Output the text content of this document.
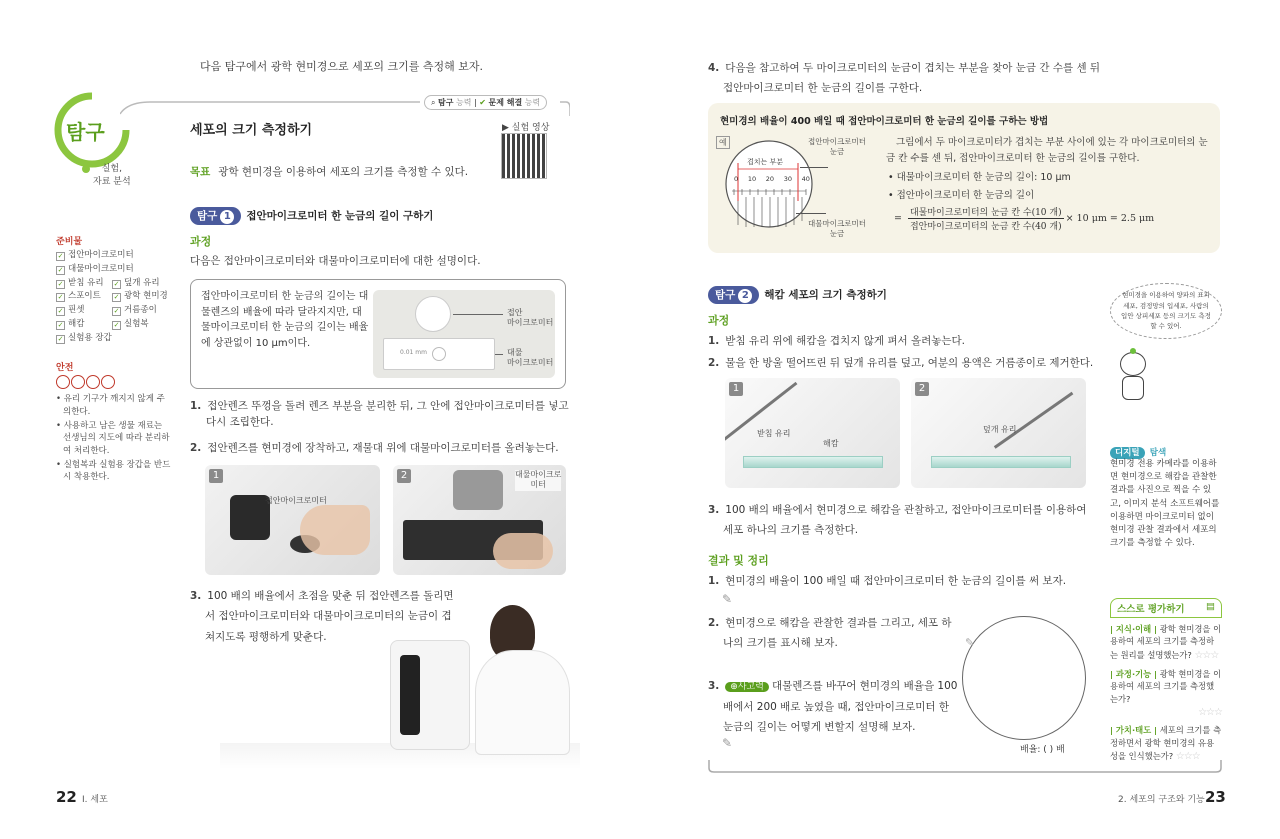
다음 탐구에서 광학 현미경으로 세포의 크기를 측정해 보자.
탐구
실험,
자료 분석
⌕ 탐구 능력 | ✔ 문제 해결 능력
세포의 크기 측정하기	▶ 실험 영상
목표 광학 현미경을 이용하여 세포의 크기를 측정할 수 있다.
탐구 1 접안마이크로미터 한 눈금의 길이 구하기
과정
다음은 접안마이크로미터와 대물마이크로미터에 대한 설명이다.
접안마이크로미터 한 눈금의 길이는 대물렌즈의 배율에 따라 달라지지만, 대물마이크로미터 한 눈금의 길이는 배율에 상관없이 10 μm이다.
0.01 mm
접안
마이크로미터
대물
마이크로미터
1. 접안렌즈 뚜껑을 돌려 렌즈 부분을 분리한 뒤, 그 안에 접안마이크로미터를 넣고 다시 조립한다.
2. 접안렌즈를 현미경에 장착하고, 재물대 위에 대물마이크로미터를 올려놓는다.
1
접안마이크로미터
2	대물마이크로
미터
3. 100 배의 배율에서 초점을 맞춘 뒤 접안렌즈를 돌리면서 접안마이크로미터와 대물마이크로미터의 눈금이 겹쳐지도록 평행하게 맞춘다.
준비물
✓ 접안마이크로미터
✓ 대물마이크로미터
✓ 받침 유리	✓ 덮개 유리
✓ 스포이트	✓ 광학 현미경
✓ 핀셋	✓ 거름종이
✓ 해캄	✓ 실험복
✓ 실험용 장갑
안전
• 유리 기구가 깨지지 않게 주의한다.
• 사용하고 남은 생물 재료는 선생님의 지도에 따라 분리하여 처리한다.
• 실험복과 실험용 장갑을 반드시 착용한다.
22 I. 세포
4. 다음을 참고하여 두 마이크로미터의 눈금이 겹치는 부분을 찾아 눈금 간 수를 센 뒤 접안마이크로미터 한 눈금의 길이를 구한다.
현미경의 배율이 400 배일 때 접안마이크로미터 한 눈금의 길이를 구하는 방법
예
겹치는 부분
0 10 20 30 40
접안마이크로미터
눈금
대물마이크로미터
눈금
그림에서 두 마이크로미터가 겹치는 부분 사이에 있는 각 마이크로미터의 눈금 칸 수를 센 뒤, 접안마이크로미터 한 눈금의 길이를 구한다.
• 대물마이크로미터 한 눈금의 길이: 10 μm
• 접안마이크로미터 한 눈금의 길이
= 대물마이크로미터의 눈금 칸 수(10 개)
접안마이크로미터의 눈금 칸 수(40 개)
× 10 μm = 2.5 μm
탐구 2 해캄 세포의 크기 측정하기
과정
1. 받침 유리 위에 해캄을 겹치지 않게 펴서 올려놓는다.
2. 물을 한 방울 떨어뜨린 뒤 덮개 유리를 덮고, 여분의 용액은 거름종이로 제거한다.
1
받침 유리
해캄
2
덮개 유리
3. 100 배의 배율에서 현미경으로 해캄을 관찰하고, 접안마이크로미터를 이용하여 세포 하나의 크기를 측정한다.
결과 및 정리
1. 현미경의 배율이 100 배일 때 접안마이크로미터 한 눈금의 길이를 써 보자.
✎
2. 현미경으로 해캄을 관찰한 결과를 그리고, 세포 하나의 크기를 표시해 보자.
3. ⊕사고력 대물렌즈를 바꾸어 현미경의 배율을 100 배에서 200 배로 높였을 때, 접안마이크로미터 한 눈금의 길이는 어떻게 변할지 설명해 보자.
✎
✎
배율: ( ) 배
현미경을 이용하여 양파의 표피세포, 검정망의 입세포, 사람의 입안 상피세포 등의 크기도 측정할 수 있어.
디지털 탐색
현미경 전용 카메라를 이용하면 현미경으로 해캄을 관찰한 결과를 사진으로 찍을 수 있고, 이미지 분석 소프트웨어를 이용하면 마이크로미터 없이 현미경 관찰 결과에서 세포의 크기를 측정할 수 있다.
스스로 평가하기 ▤
| 지식·이해 | 광학 현미경을 이용하여 세포의 크기를 측정하는 원리를 설명했는가? ☆☆☆
| 과정·기능 | 광학 현미경을 이용하여 세포의 크기를 측정했는가?
☆☆☆
| 가치·태도 | 세포의 크기를 측정하면서 광학 현미경의 유용성을 인식했는가? ☆☆☆
2. 세포의 구조와 기능 23
